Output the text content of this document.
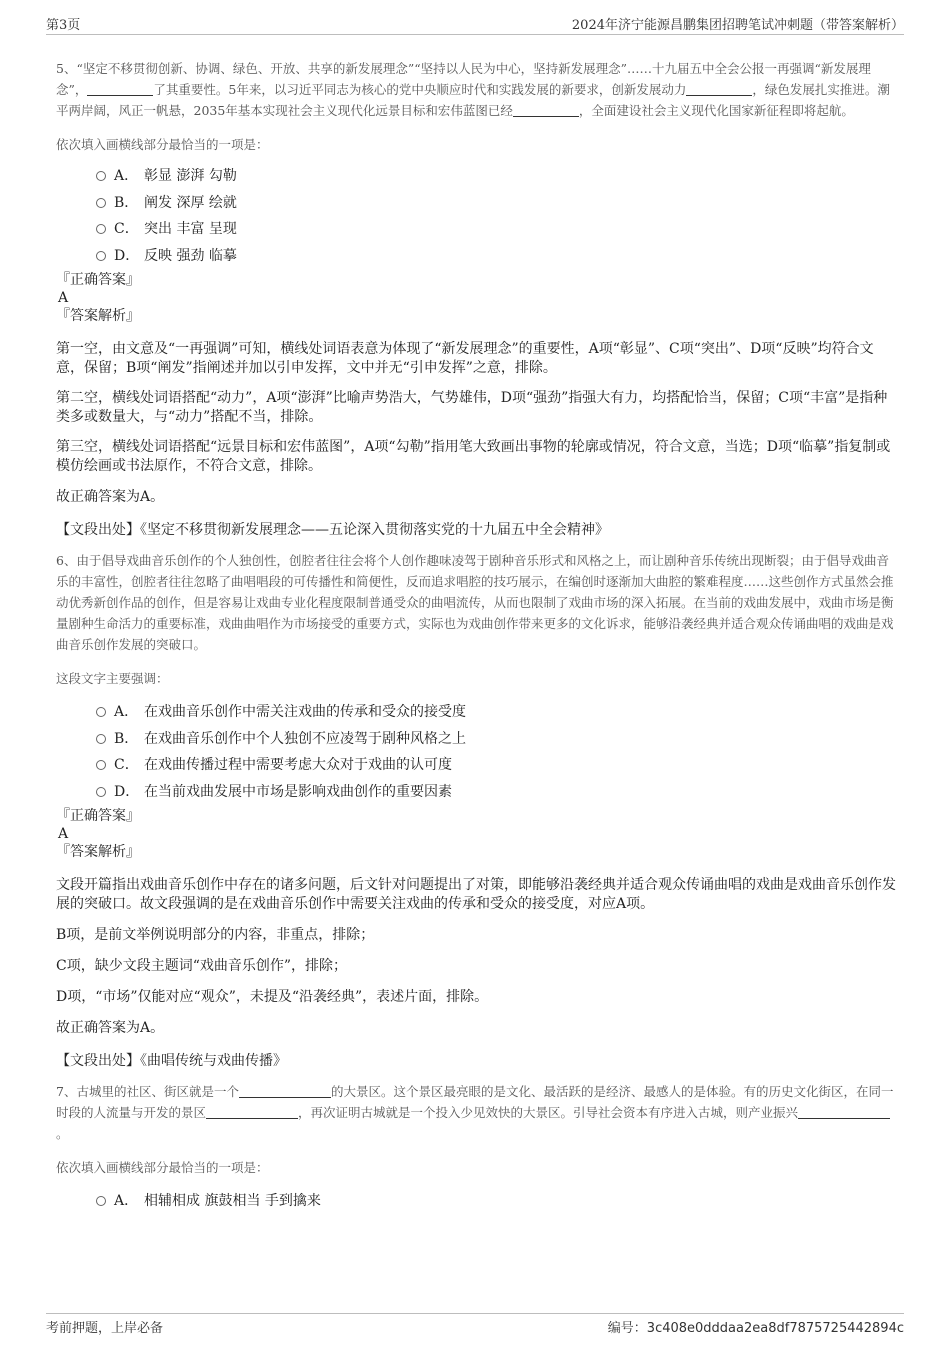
第3页	2024年济宁能源昌鹏集团招聘笔试冲刺题（带答案解析）

5、“坚定不移贯彻创新、协调、绿色、开放、共享的新发展理念”“坚持以人民为中心，坚持新发展理念”……十九届五中全会公报一再强调“新发展理念”，	了其重要性。5年来，以习近平同志为核心的党中央顺应时代和实践发展的新要求，创新发展动力	，绿色发展扎实推进。潮平两岸阔，风正一帆悬，2035年基本实现社会主义现代化远景目标和宏伟蓝图已经	，全面建设社会主义现代化国家新征程即将起航。

依次填入画横线部分最恰当的一项是：

A． 彰显 澎湃 勾勒
B． 阐发 深厚 绘就
C． 突出 丰富 呈现
D． 反映 强劲 临摹
『正确答案』
A
『答案解析』

第一空，由文意及“一再强调”可知，横线处词语表意为体现了“新发展理念”的重要性，A项“彰显”、C项“突出”、D项“反映”均符合文意，保留；B项“阐发”指阐述并加以引申发挥，文中并无“引申发挥”之意，排除。

第二空，横线处词语搭配“动力”，A项“澎湃”比喻声势浩大，气势雄伟，D项“强劲”指强大有力，均搭配恰当，保留；C项“丰富”是指种类多或数量大，与“动力”搭配不当，排除。

第三空，横线处词语搭配“远景目标和宏伟蓝图”，A项“勾勒”指用笔大致画出事物的轮廓或情况，符合文意，当选；D项“临摹”指复制或模仿绘画或书法原作，不符合文意，排除。

故正确答案为A。

【文段出处】《坚定不移贯彻新发展理念——五论深入贯彻落实党的十九届五中全会精神》

6、由于倡导戏曲音乐创作的个人独创性，创腔者往往会将个人创作趣味凌驾于剧种音乐形式和风格之上，而让剧种音乐传统出现断裂；由于倡导戏曲音乐的丰富性，创腔者往往忽略了曲唱唱段的可传播性和简便性，反而追求唱腔的技巧展示，在编创时逐渐加大曲腔的繁难程度……这些创作方式虽然会推动优秀新创作品的创作，但是容易让戏曲专业化程度限制普通受众的曲唱流传，从而也限制了戏曲市场的深入拓展。在当前的戏曲发展中，戏曲市场是衡量剧种生命活力的重要标准，戏曲曲唱作为市场接受的重要方式，实际也为戏曲创作带来更多的文化诉求，能够沿袭经典并适合观众传诵曲唱的戏曲是戏曲音乐创作发展的突破口。

这段文字主要强调：

A． 在戏曲音乐创作中需关注戏曲的传承和受众的接受度
B． 在戏曲音乐创作中个人独创不应凌驾于剧种风格之上
C． 在戏曲传播过程中需要考虑大众对于戏曲的认可度
D． 在当前戏曲发展中市场是影响戏曲创作的重要因素
『正确答案』
A
『答案解析』

文段开篇指出戏曲音乐创作中存在的诸多问题，后文针对问题提出了对策，即能够沿袭经典并适合观众传诵曲唱的戏曲是戏曲音乐创作发展的突破口。故文段强调的是在戏曲音乐创作中需要关注戏曲的传承和受众的接受度，对应A项。

B项，是前文举例说明部分的内容，非重点，排除；

C项，缺少文段主题词“戏曲音乐创作”，排除；

D项，“市场”仅能对应“观众”，未提及“沿袭经典”，表述片面，排除。

故正确答案为A。

【文段出处】《曲唱传统与戏曲传播》

7、古城里的社区、街区就是一个	的大景区。这个景区最亮眼的是文化、最活跃的是经济、最感人的是体验。有的历史文化街区，在同一时段的人流量与开发的景区	，再次证明古城就是一个投入少见效快的大景区。引导社会资本有序进入古城，则产业振兴。

依次填入画横线部分最恰当的一项是：

A． 相辅相成 旗鼓相当 手到擒来
考前押题，上岸必备	编号：3c408e0dddaa2ea8df7875725442894c
